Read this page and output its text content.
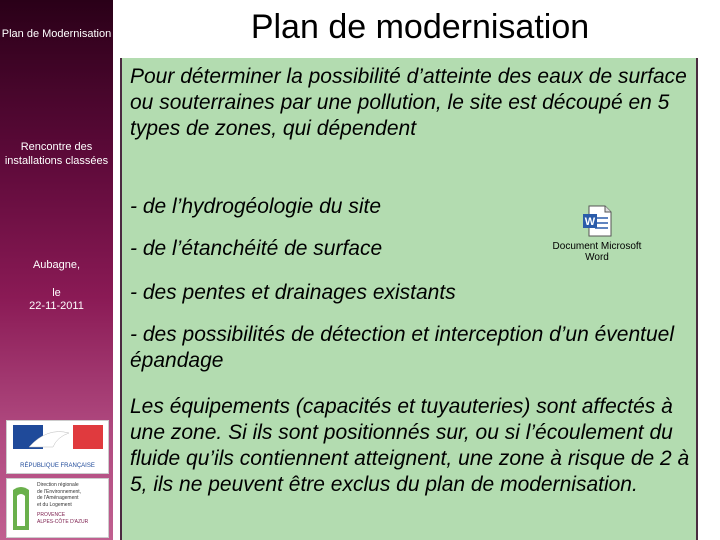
Plan de Modernisation
Rencontre des installations classées
Aubagne,
le
22-11-2011
RÉPUBLIQUE FRANÇAISE
Direction régionale
de l'Environnement,
de l'Aménagement
et du Logement
PROVENCE
ALPES-CÔTE D'AZUR
Plan de modernisation

Pour déterminer la possibilité d’atteinte des eaux de surface ou souterraines par une pollution, le site est découpé en 5 types de zones, qui dépendent

- de l’hydrogéologie du site

- de l’étanchéité de surface

- des pentes et drainages existants

- des possibilités de détection et interception d’un éventuel épandage

Les équipements (capacités et tuyauteries) sont affectés à une zone. Si ils sont positionnés sur, ou si l’écoulement du fluide qu’ils contiennent atteignent, une zone à risque de 2 à 5, ils ne peuvent être exclus du plan de modernisation.

W
Document Microsoft Word
